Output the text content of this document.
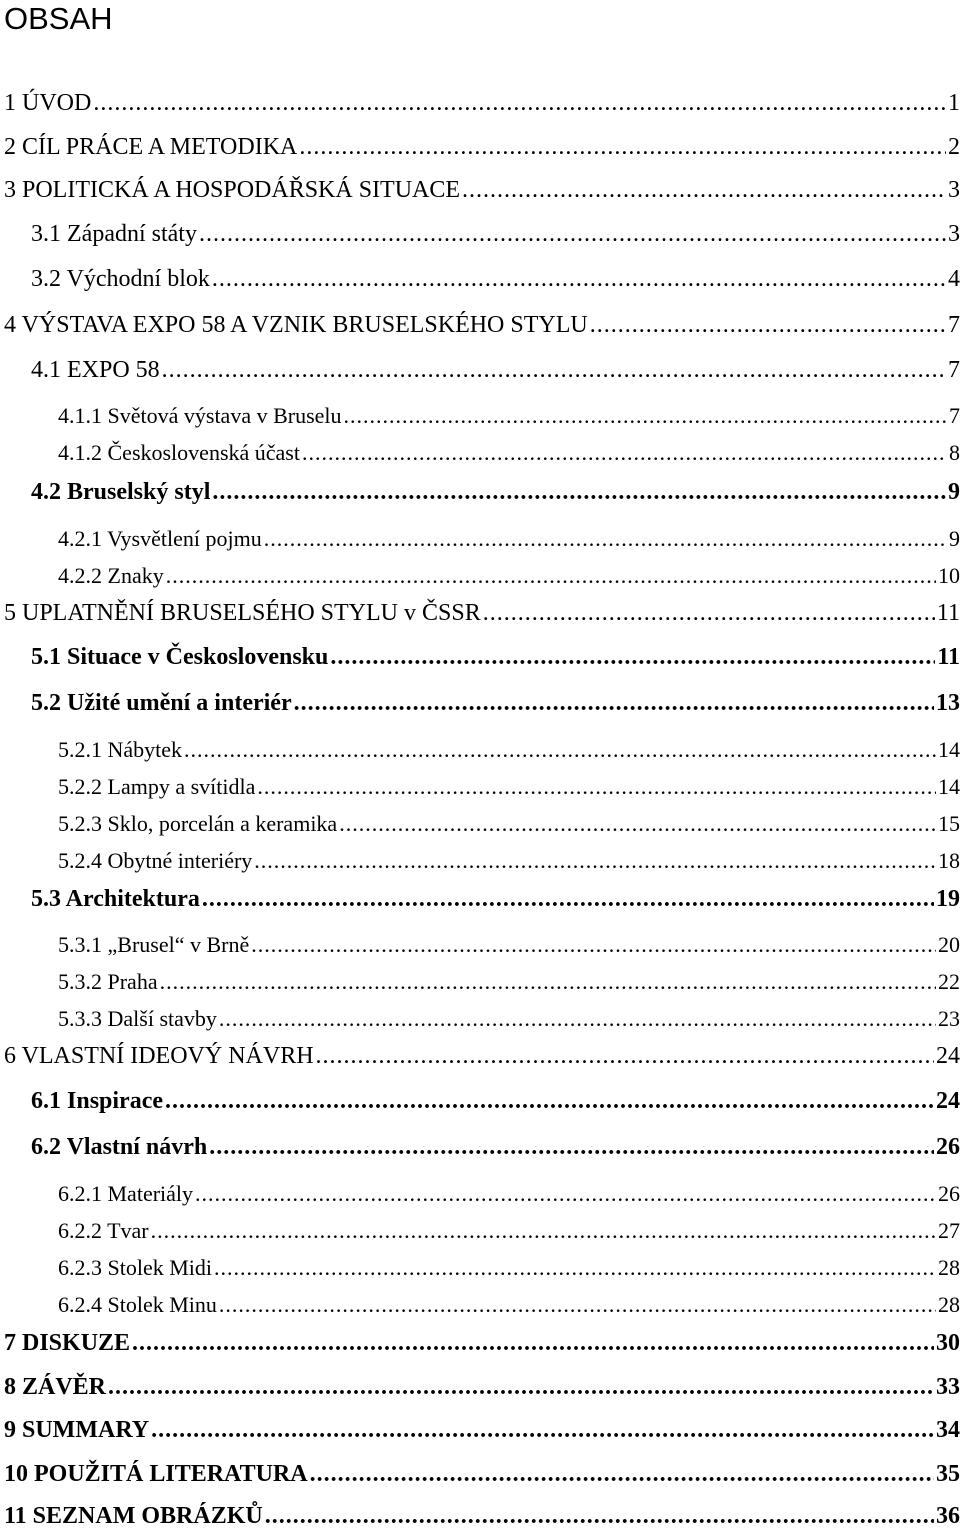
OBSAH
1 ÚVOD .....	1
2 CÍL PRÁCE A METODIKA .....	2
3 POLITICKÁ A HOSPODÁŘSKÁ SITUACE .....	3
3.1 Západní státy .....	3
3.2 Východní blok .....	4
4 VÝSTAVA EXPO 58 A VZNIK BRUSELSKÉHO STYLU .....	7
4.1 EXPO 58 .....	7
4.1.1 Světová výstava v Bruselu .....	7
4.1.2 Československá účast .....	8
4.2 Bruselský styl .....	9
4.2.1 Vysvětlení pojmu .....	9
4.2.2 Znaky .....	10
5 UPLATNĚNÍ BRUSELSÉHO STYLU v ČSSR .....	11
5.1 Situace v Československu .....	11
5.2 Užité umění a interiér .....	13
5.2.1 Nábytek .....	14
5.2.2 Lampy a svítidla .....	14
5.2.3 Sklo, porcelán a keramika .....	15
5.2.4 Obytné interiéry .....	18
5.3 Architektura .....	19
5.3.1 „Brusel“ v Brně .....	20
5.3.2 Praha .....	22
5.3.3 Další stavby .....	23
6 VLASTNÍ IDEOVÝ NÁVRH .....	24
6.1 Inspirace .....	24
6.2 Vlastní návrh .....	26
6.2.1 Materiály .....	26
6.2.2 Tvar .....	27
6.2.3 Stolek Midi .....	28
6.2.4 Stolek Minu .....	28
7 DISKUZE .....	30
8 ZÁVĚR .....	33
9 SUMMARY .....	34
10 POUŽITÁ LITERATURA .....	35
11 SEZNAM OBRÁZKŮ .....	36
